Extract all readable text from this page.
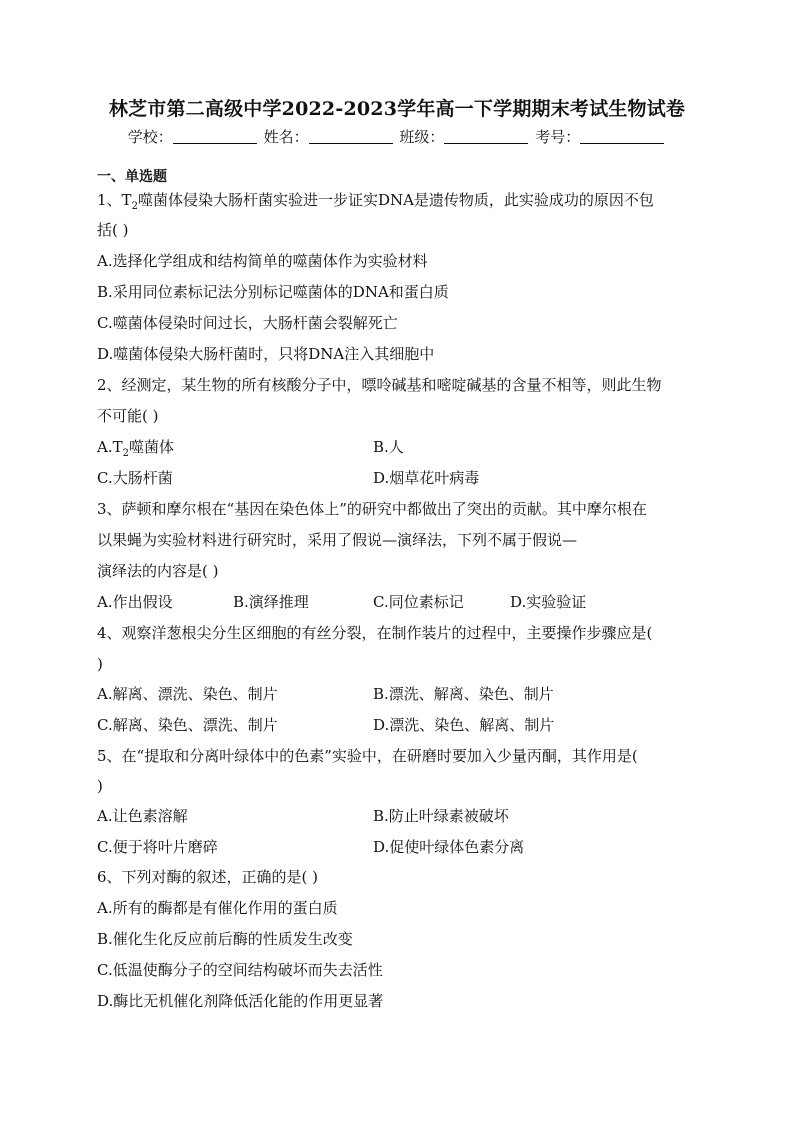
林芝市第二高级中学2022-2023学年高一下学期期末考试生物试卷
学校：	姓名：	班级：	考号：
一、单选题
1、$T_2$噬菌体侵染大肠杆菌实验进一步证实DNA是遗传物质，此实验成功的原因不包
括( )
A.选择化学组成和结构简单的噬菌体作为实验材料
B.采用同位素标记法分别标记噬菌体的DNA和蛋白质
C.噬菌体侵染时间过长，大肠杆菌会裂解死亡
D.噬菌体侵染大肠杆菌时，只将DNA注入其细胞中
2、经测定，某生物的所有核酸分子中，嘌呤碱基和嘧啶碱基的含量不相等，则此生物
不可能( )
$A.T_2$噬菌体	B.人
C.大肠杆菌	D.烟草花叶病毒
3、萨顿和摩尔根在“基因在染色体上”的研究中都做出了突出的贡献。其中摩尔根在
以果蝇为实验材料进行研究时，采用了假说—演绎法，下列不属于假说—
演绎法的内容是( )
A.作出假设	B.演绎推理	C.同位素标记	D.实验验证
4、观察洋葱根尖分生区细胞的有丝分裂，在制作装片的过程中，主要操作步骤应是(
)
A.解离、漂洗、染色、制片	B.漂洗、解离、染色、制片
C.解离、染色、漂洗、制片	D.漂洗、染色、解离、制片
5、在“提取和分离叶绿体中的色素”实验中，在研磨时要加入少量丙酮，其作用是(
)
A.让色素溶解	B.防止叶绿素被破坏
C.便于将叶片磨碎	D.促使叶绿体色素分离
6、下列对酶的叙述，正确的是( )
A.所有的酶都是有催化作用的蛋白质
B.催化生化反应前后酶的性质发生改变
C.低温使酶分子的空间结构破坏而失去活性
D.酶比无机催化剂降低活化能的作用更显著
